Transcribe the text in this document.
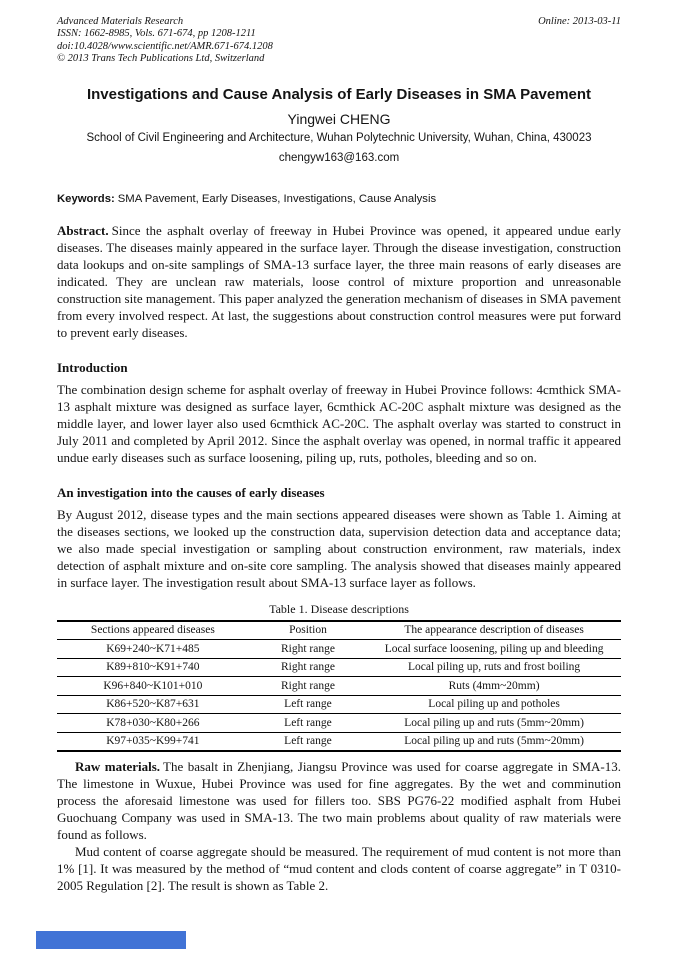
Advanced Materials Research	Online: 2013-03-11
ISSN: 1662-8985, Vols. 671-674, pp 1208-1211
doi:10.4028/www.scientific.net/AMR.671-674.1208
© 2013 Trans Tech Publications Ltd, Switzerland
Investigations and Cause Analysis of Early Diseases in SMA Pavement
Yingwei CHENG
School of Civil Engineering and Architecture, Wuhan Polytechnic University, Wuhan, China, 430023
chengyw163@163.com
Keywords: SMA Pavement, Early Diseases, Investigations, Cause Analysis
Abstract. Since the asphalt overlay of freeway in Hubei Province was opened, it appeared undue early diseases. The diseases mainly appeared in the surface layer. Through the disease investigation, construction data lookups and on-site samplings of SMA-13 surface layer, the three main reasons of early diseases are indicated. They are unclean raw materials, loose control of mixture proportion and unreasonable construction site management. This paper analyzed the generation mechanism of diseases in SMA pavement from every involved respect. At last, the suggestions about construction control measures were put forward to prevent early diseases.
Introduction
The combination design scheme for asphalt overlay of freeway in Hubei Province follows: 4cmthick SMA-13 asphalt mixture was designed as surface layer, 6cmthick AC-20C asphalt mixture was designed as the middle layer, and lower layer also used 6cmthick AC-20C. The asphalt overlay was started to construct in July 2011 and completed by April 2012. Since the asphalt overlay was opened, in normal traffic it appeared undue early diseases such as surface loosening, piling up, ruts, potholes, bleeding and so on.
An investigation into the causes of early diseases
By August 2012, disease types and the main sections appeared diseases were shown as Table 1. Aiming at the diseases sections, we looked up the construction data, supervision detection data and acceptance data; we also made special investigation or sampling about construction environment, raw materials, index detection of asphalt mixture and on-site core sampling. The analysis showed that diseases mainly appeared in surface layer. The investigation result about SMA-13 surface layer as follows.
Table 1. Disease descriptions
Sections appeared diseases	Position	The appearance description of diseases
K69+240~K71+485	Right range	Local surface loosening, piling up and bleeding
K89+810~K91+740	Right range	Local piling up, ruts and frost boiling
K96+840~K101+010	Right range	Ruts (4mm~20mm)
K86+520~K87+631	Left range	Local piling up and potholes
K78+030~K80+266	Left range	Local piling up and ruts (5mm~20mm)
K97+035~K99+741	Left range	Local piling up and ruts (5mm~20mm)
Raw materials. The basalt in Zhenjiang, Jiangsu Province was used for coarse aggregate in SMA-13. The limestone in Wuxue, Hubei Province was used for fine aggregates. By the wet and comminution process the aforesaid limestone was used for fillers too. SBS PG76-22 modified asphalt from Hubei Guochuang Company was used in SMA-13. The two main problems about quality of raw materials were found as follows.
Mud content of coarse aggregate should be measured. The requirement of mud content is not more than 1% [1]. It was measured by the method of “mud content and clods content of coarse aggregate” in T 0310-2005 Regulation [2]. The result is shown as Table 2.
